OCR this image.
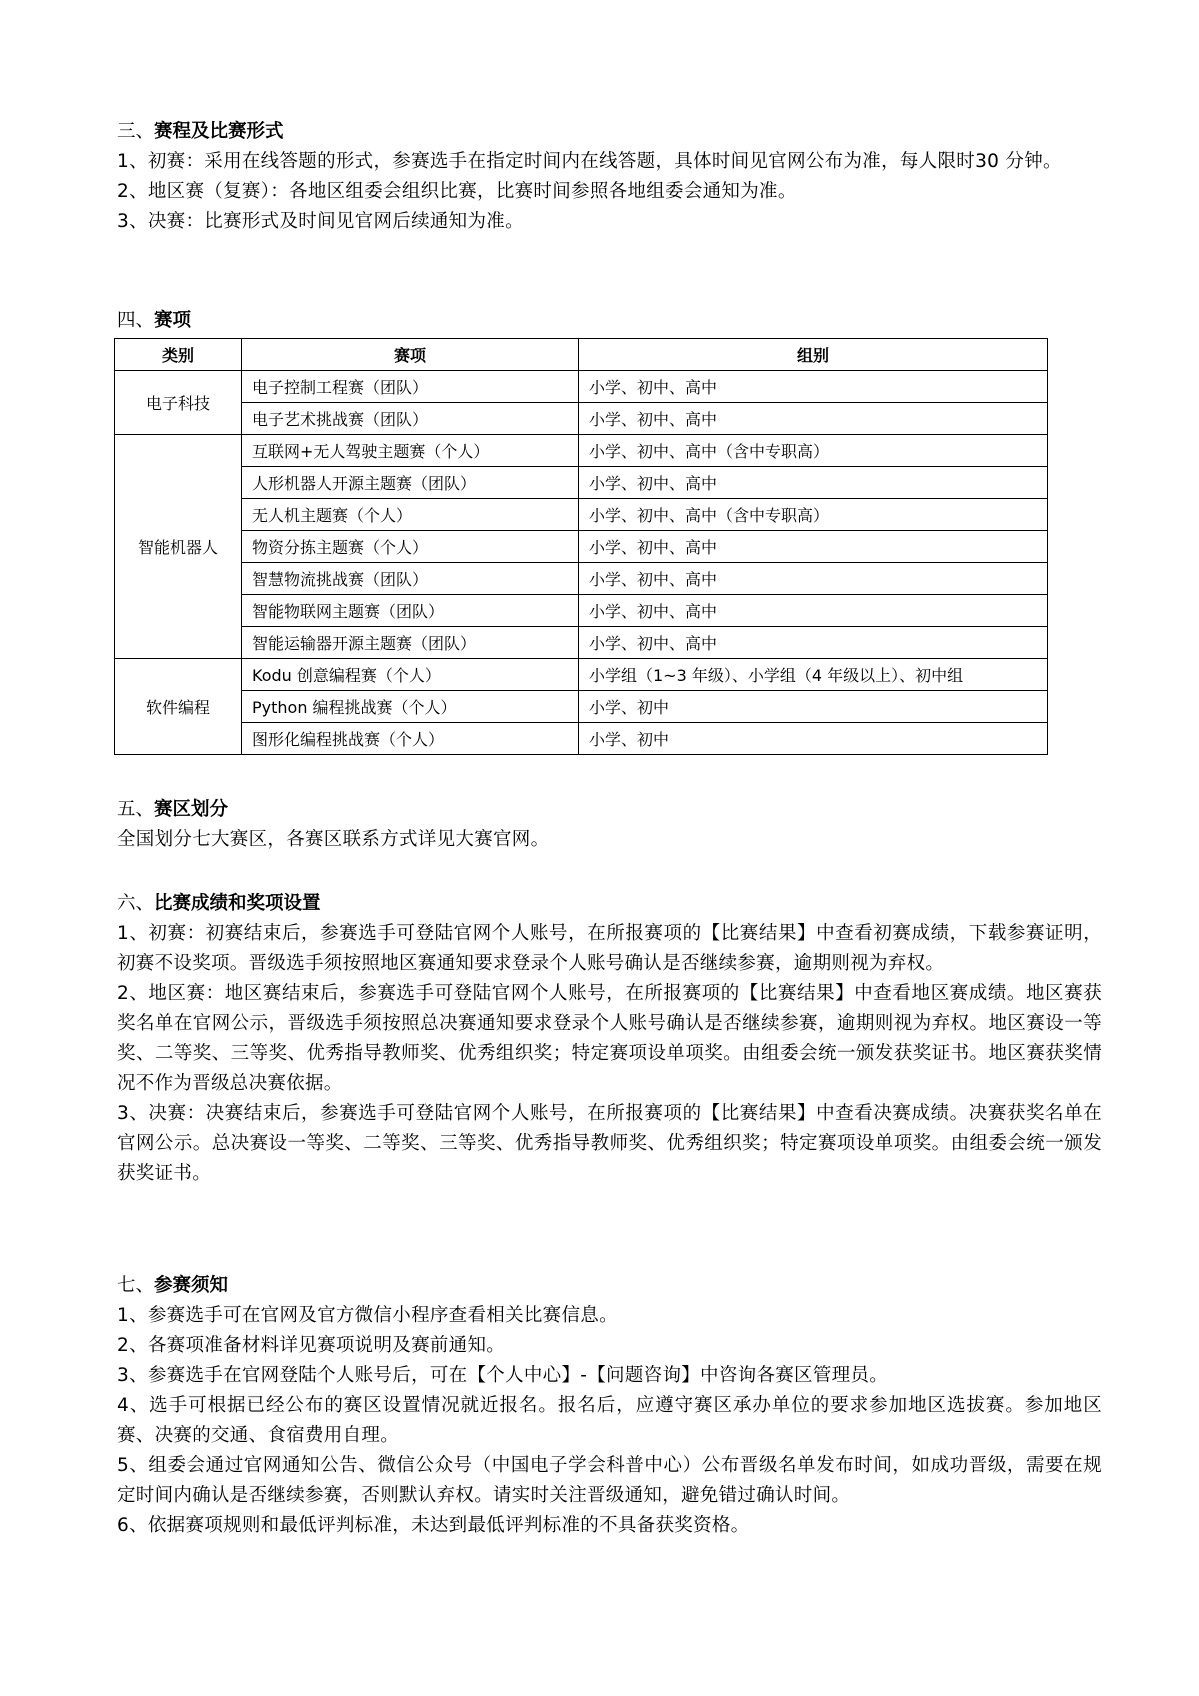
三、赛程及比赛形式
1、初赛：采用在线答题的形式，参赛选手在指定时间内在线答题，具体时间见官网公布为准，每人限时30 分钟。
2、地区赛（复赛）：各地区组委会组织比赛，比赛时间参照各地组委会通知为准。
3、决赛：比赛形式及时间见官网后续通知为准。
四、赛项
类别	赛项	组别
电子科技	电子控制工程赛（团队）	小学、初中、高中
	电子艺术挑战赛（团队）	小学、初中、高中
智能机器人	互联网+无人驾驶主题赛（个人）	小学、初中、高中（含中专职高）
	人形机器人开源主题赛（团队）	小学、初中、高中
	无人机主题赛（个人）	小学、初中、高中（含中专职高）
	物资分拣主题赛（个人）	小学、初中、高中
	智慧物流挑战赛（团队）	小学、初中、高中
	智能物联网主题赛（团队）	小学、初中、高中
	智能运输器开源主题赛（团队）	小学、初中、高中
软件编程	Kodu 创意编程赛（个人）	小学组（1~3 年级）、小学组（4 年级以上）、初中组
	Python 编程挑战赛（个人）	小学、初中
	图形化编程挑战赛（个人）	小学、初中
五、赛区划分
全国划分七大赛区，各赛区联系方式详见大赛官网。
六、比赛成绩和奖项设置
1、初赛：初赛结束后，参赛选手可登陆官网个人账号，在所报赛项的【比赛结果】中查看初赛成绩，下载参赛证明，初赛不设奖项。晋级选手须按照地区赛通知要求登录个人账号确认是否继续参赛，逾期则视为弃权。
2、地区赛：地区赛结束后，参赛选手可登陆官网个人账号，在所报赛项的【比赛结果】中查看地区赛成绩。地区赛获奖名单在官网公示，晋级选手须按照总决赛通知要求登录个人账号确认是否继续参赛，逾期则视为弃权。地区赛设一等奖、二等奖、三等奖、优秀指导教师奖、优秀组织奖；特定赛项设单项奖。由组委会统一颁发获奖证书。地区赛获奖情况不作为晋级总决赛依据。
3、决赛：决赛结束后，参赛选手可登陆官网个人账号，在所报赛项的【比赛结果】中查看决赛成绩。决赛获奖名单在官网公示。总决赛设一等奖、二等奖、三等奖、优秀指导教师奖、优秀组织奖；特定赛项设单项奖。由组委会统一颁发获奖证书。
七、参赛须知
1、参赛选手可在官网及官方微信小程序查看相关比赛信息。
2、各赛项准备材料详见赛项说明及赛前通知。
3、参赛选手在官网登陆个人账号后，可在【个人中心】-【问题咨询】中咨询各赛区管理员。
4、选手可根据已经公布的赛区设置情况就近报名。报名后，应遵守赛区承办单位的要求参加地区选拔赛。参加地区赛、决赛的交通、食宿费用自理。
5、组委会通过官网通知公告、微信公众号（中国电子学会科普中心）公布晋级名单发布时间，如成功晋级，需要在规定时间内确认是否继续参赛，否则默认弃权。请实时关注晋级通知，避免错过确认时间。
6、依据赛项规则和最低评判标准，未达到最低评判标准的不具备获奖资格。
